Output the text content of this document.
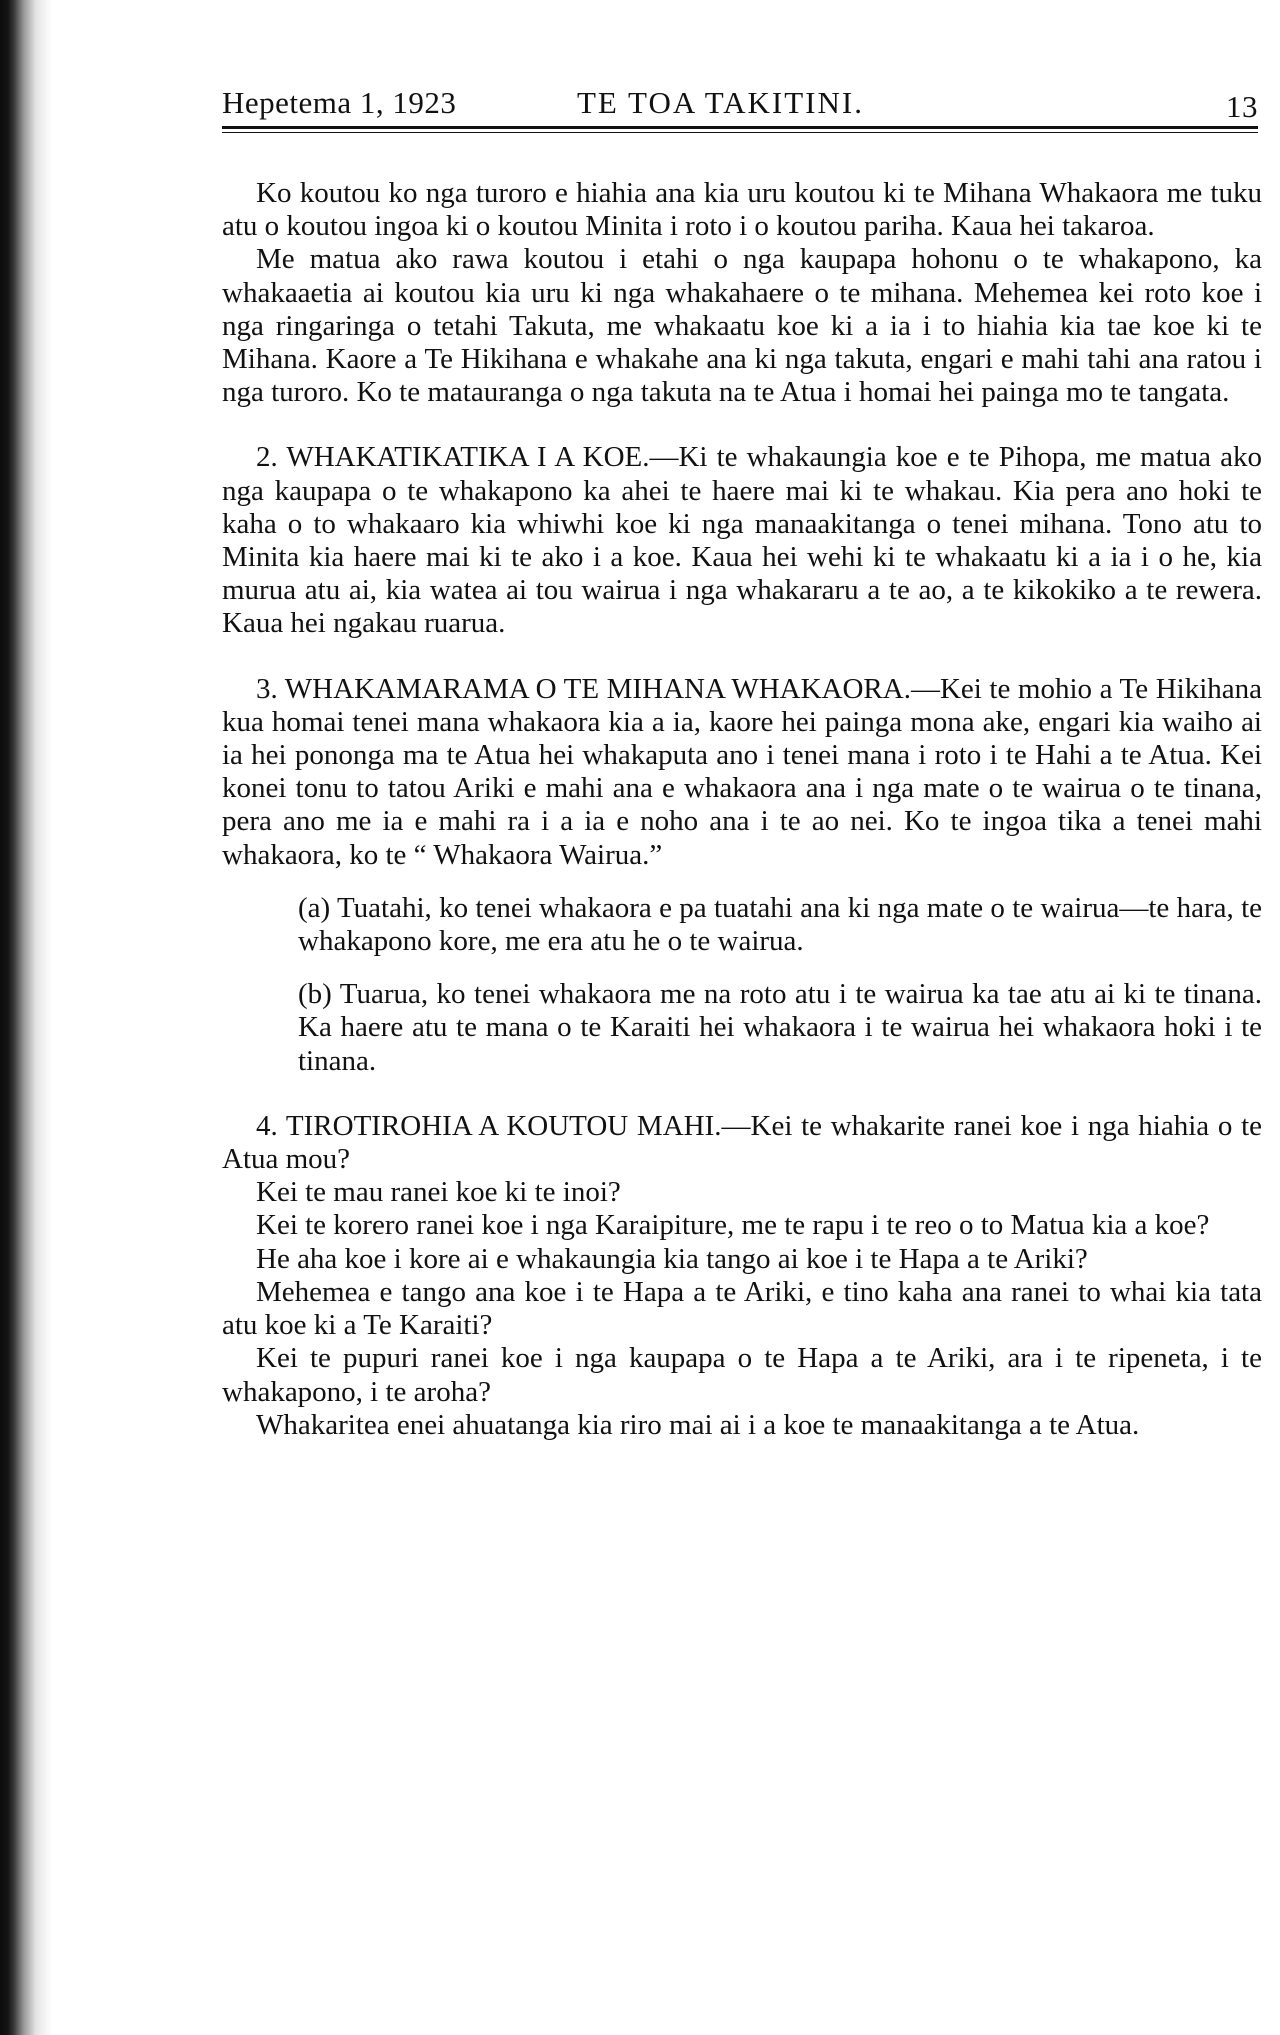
Hepetema 1, 1923	TE TOA TAKITINI.	13

Ko koutou ko nga turoro e hiahia ana kia uru koutou ki te Mihana Whakaora me tuku atu o koutou ingoa ki o koutou Minita i roto i o koutou pariha. Kaua hei takaroa.

Me matua ako rawa koutou i etahi o nga kaupapa hohonu o te whakapono, ka whakaaetia ai koutou kia uru ki nga whakahaere o te mihana. Mehemea kei roto koe i nga ringaringa o tetahi Takuta, me whakaatu koe ki a ia i to hiahia kia tae koe ki te Mihana. Kaore a Te Hikihana e whakahe ana ki nga takuta, engari e mahi tahi ana ratou i nga turoro. Ko te matauranga o nga takuta na te Atua i homai hei painga mo te tangata.

2. WHAKATIKATIKA I A KOE.—Ki te whakaungia koe e te Pihopa, me matua ako nga kaupapa o te whakapono ka ahei te haere mai ki te whakau. Kia pera ano hoki te kaha o to whakaaro kia whiwhi koe ki nga manaakitanga o tenei mihana. Tono atu to Minita kia haere mai ki te ako i a koe. Kaua hei wehi ki te whakaatu ki a ia i o he, kia murua atu ai, kia watea ai tou wairua i nga whakararu a te ao, a te kikokiko a te rewera. Kaua hei ngakau ruarua.

3. WHAKAMARAMA O TE MIHANA WHAKAORA.—Kei te mohio a Te Hikihana kua homai tenei mana whakaora kia a ia, kaore hei painga mona ake, engari kia waiho ai ia hei pononga ma te Atua hei whakaputa ano i tenei mana i roto i te Hahi a te Atua. Kei konei tonu to tatou Ariki e mahi ana e whakaora ana i nga mate o te wairua o te tinana, pera ano me ia e mahi ra i a ia e noho ana i te ao nei. Ko te ingoa tika a tenei mahi whakaora, ko te “ Whakaora Wairua.”

(a) Tuatahi, ko tenei whakaora e pa tuatahi ana ki nga mate o te wairua—te hara, te whakapono kore, me era atu he o te wairua.

(b) Tuarua, ko tenei whakaora me na roto atu i te wairua ka tae atu ai ki te tinana. Ka haere atu te mana o te Karaiti hei whakaora i te wairua hei whakaora hoki i te tinana.

4. TIROTIROHIA A KOUTOU MAHI.—Kei te whakarite ranei koe i nga hiahia o te Atua mou?

Kei te mau ranei koe ki te inoi?

Kei te korero ranei koe i nga Karaipiture, me te rapu i te reo o to Matua kia a koe?

He aha koe i kore ai e whakaungia kia tango ai koe i te Hapa a te Ariki?

Mehemea e tango ana koe i te Hapa a te Ariki, e tino kaha ana ranei to whai kia tata atu koe ki a Te Karaiti?

Kei te pupuri ranei koe i nga kaupapa o te Hapa a te Ariki, ara i te ripeneta, i te whakapono, i te aroha?

Whakaritea enei ahuatanga kia riro mai ai i a koe te manaakitanga a te Atua.
